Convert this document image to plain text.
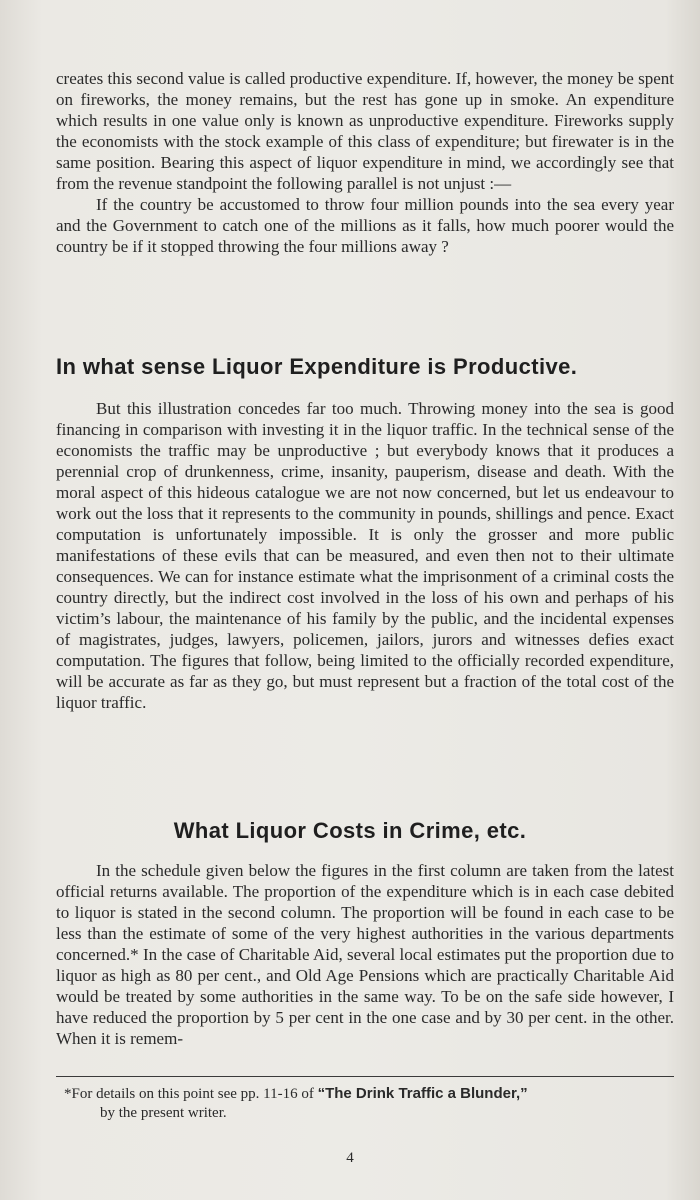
creates this second value is called productive expenditure. If, however, the money be spent on fireworks, the money remains, but the rest has gone up in smoke. An expenditure which results in one value only is known as unproductive expenditure. Fireworks supply the economists with the stock example of this class of expenditure; but firewater is in the same position. Bearing this aspect of liquor expenditure in mind, we accordingly see that from the revenue standpoint the following parallel is not unjust :—

If the country be accustomed to throw four million pounds into the sea every year and the Government to catch one of the millions as it falls, how much poorer would the country be if it stopped throwing the four millions away ?

In what sense Liquor Expenditure is Productive.

But this illustration concedes far too much. Throwing money into the sea is good financing in comparison with investing it in the liquor traffic. In the technical sense of the economists the traffic may be unproductive ; but everybody knows that it produces a perennial crop of drunkenness, crime, insanity, pauperism, disease and death. With the moral aspect of this hideous catalogue we are not now concerned, but let us endeavour to work out the loss that it represents to the community in pounds, shillings and pence. Exact computation is unfortunately impossible. It is only the grosser and more public manifestations of these evils that can be measured, and even then not to their ultimate consequences. We can for instance estimate what the imprisonment of a criminal costs the country directly, but the indirect cost involved in the loss of his own and perhaps of his victim’s labour, the maintenance of his family by the public, and the incidental expenses of magistrates, judges, lawyers, policemen, jailors, jurors and witnesses defies exact computation. The figures that follow, being limited to the officially recorded expenditure, will be accurate as far as they go, but must represent but a fraction of the total cost of the liquor traffic.

What Liquor Costs in Crime, etc.

In the schedule given below the figures in the first column are taken from the latest official returns available. The proportion of the expenditure which is in each case debited to liquor is stated in the second column. The proportion will be found in each case to be less than the estimate of some of the very highest authorities in the various departments concerned.* In the case of Charitable Aid, several local estimates put the proportion due to liquor as high as 80 per cent., and Old Age Pensions which are practically Charitable Aid would be treated by some authorities in the same way. To be on the safe side however, I have reduced the proportion by 5 per cent in the one case and by 30 per cent. in the other. When it is remem-

*For details on this point see pp. 11-16 of “The Drink Traffic a Blunder,”
by the present writer.
4
